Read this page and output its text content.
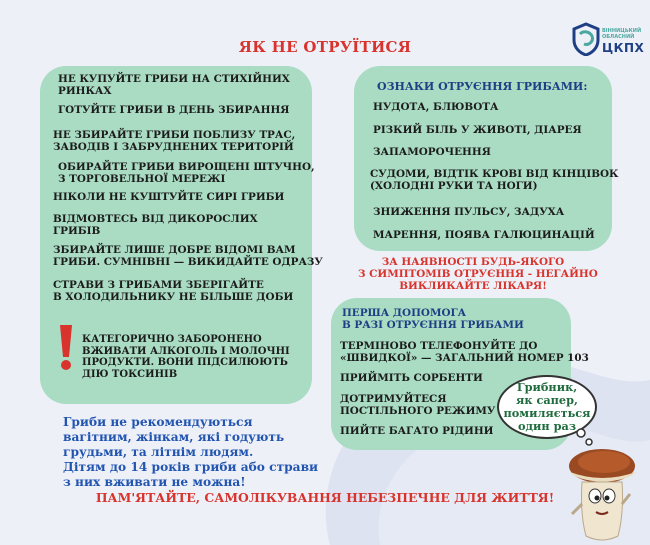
ЯК НЕ ОТРУЇТИСЯ
ВІННИЦЬКИЙ
ОБЛАСНИЙ
ЦКПХ
НЕ КУПУЙТЕ ГРИБИ НА СТИХІЙНИХ
РИНКАХ
ГОТУЙТЕ ГРИБИ В ДЕНЬ ЗБИРАННЯ
НЕ ЗБИРАЙТЕ ГРИБИ ПОБЛИЗУ ТРАС,
ЗАВОДІВ І ЗАБРУДНЕНИХ ТЕРИТОРІЙ
ОБИРАЙТЕ ГРИБИ ВИРОЩЕНІ ШТУЧНО,
З ТОРГОВЕЛЬНОЇ МЕРЕЖІ
НІКОЛИ НЕ КУШТУЙТЕ СИРІ ГРИБИ
ВІДМОВТЕСЬ ВІД ДИКОРОСЛИХ
ГРИБІВ
ЗБИРАЙТЕ ЛИШЕ ДОБРЕ ВІДОМІ ВАМ
ГРИБИ. СУМНІВНІ — ВИКИДАЙТЕ ОДРАЗУ
СТРАВИ З ГРИБАМИ ЗБЕРІГАЙТЕ
В ХОЛОДИЛЬНИКУ НЕ БІЛЬШЕ ДОБИ
КАТЕГОРИЧНО ЗАБОРОНЕНО
ВЖИВАТИ АЛКОГОЛЬ І МОЛОЧНІ
ПРОДУКТИ. ВОНИ ПІДСИЛЮЮТЬ
ДІЮ ТОКСИНІВ
ОЗНАКИ ОТРУЄННЯ ГРИБАМИ:
НУДОТА, БЛЮВОТА
РІЗКИЙ БІЛЬ У ЖИВОТІ, ДІАРЕЯ
ЗАПАМОРОЧЕННЯ
СУДОМИ, ВІДТІК КРОВІ ВІД КІНЦІВОК
(ХОЛОДНІ РУКИ ТА НОГИ)
ЗНИЖЕННЯ ПУЛЬСУ, ЗАДУХА
МАРЕННЯ, ПОЯВА ГАЛЮЦИНАЦІЙ
ЗА НАЯВНОСТІ БУДЬ-ЯКОГО
З СИМПТОМІВ ОТРУЄННЯ - НЕГАЙНО
ВИКЛИКАЙТЕ ЛІКАРЯ!
ПЕРША ДОПОМОГА
В РАЗІ ОТРУЄННЯ ГРИБАМИ
ТЕРМІНОВО ТЕЛЕФОНУЙТЕ ДО
«ШВИДКОЇ» — ЗАГАЛЬНИЙ НОМЕР 103
ПРИЙМІТЬ СОРБЕНТИ
ДОТРИМУЙТЕСЯ
ПОСТІЛЬНОГО РЕЖИМУ
ПИЙТЕ БАГАТО РІДИНИ
Гриби не рекомендуються
вагітним, жінкам, які годують
грудьми, та літнім людям.
Дітям до 14 років гриби або страви
з них вживати не можна!
Грибник,
як сапер,
помиляється
один раз
ПАМ'ЯТАЙТЕ, САМОЛІКУВАННЯ НЕБЕЗПЕЧНЕ ДЛЯ ЖИТТЯ!
